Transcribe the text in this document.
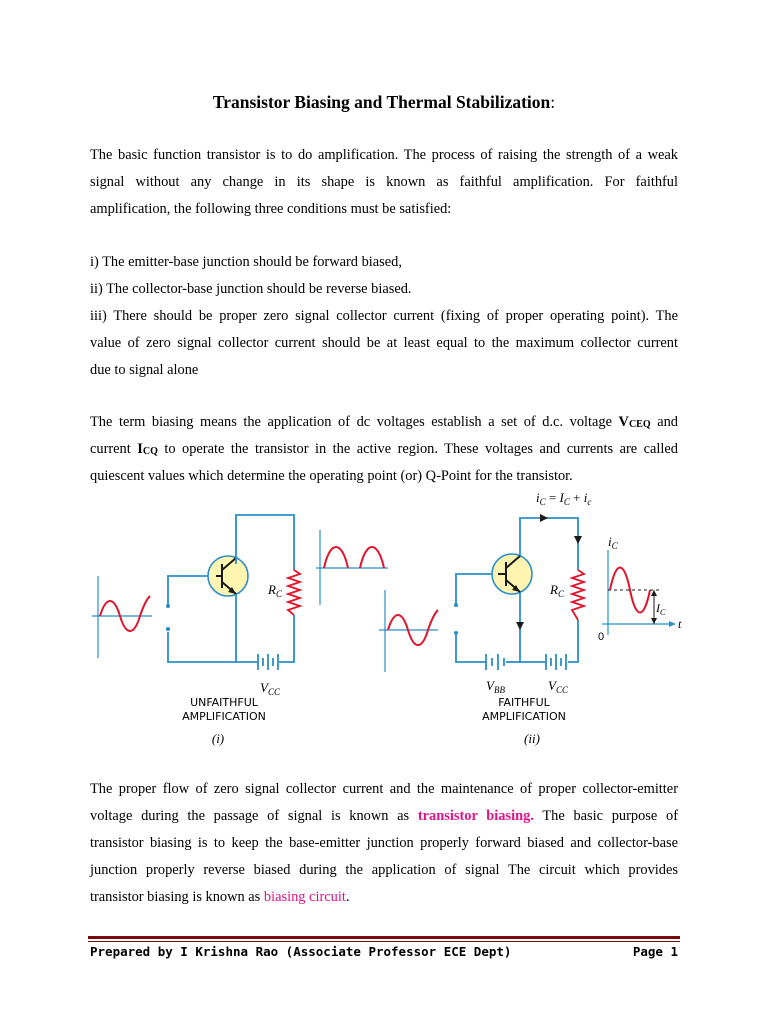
Transistor Biasing and Thermal Stabilization:
The basic function transistor is to do amplification. The process of raising the strength of a weak
signal without any change in its shape is known as faithful amplification. For faithful
amplification, the following three conditions must be satisfied:
i) The emitter-base junction should be forward biased,
ii) The collector-base junction should be reverse biased.
iii) There should be proper zero signal collector current (fixing of proper operating point). The
value of zero signal collector current should be at least equal to the maximum collector current
due to signal alone
The term biasing means the application of dc voltages establish a set of d.c. voltage VCEQ and
current ICQ to operate the transistor in the active region. These voltages and currents are called
quiescent values which determine the operating point (or) Q-Point for the transistor.
$R_C$
$V_{CC}$
UNFAITHFUL
AMPLIFICATION
(i)
$i_C = I_C + i_c$
$R_C$
$V_{BB}$	$V_{CC}$
FAITHFUL
AMPLIFICATION
(ii)
$i_C$
$I_C$
0
t
The proper flow of zero signal collector current and the maintenance of proper collector-emitter
voltage during the passage of signal is known as transistor biasing. The basic purpose of
transistor biasing is to keep the base-emitter junction properly forward biased and collector-base
junction properly reverse biased during the application of signal The circuit which provides
transistor biasing is known as biasing circuit.
Prepared by I Krishna Rao (Associate Professor ECE Dept)	Page 1
